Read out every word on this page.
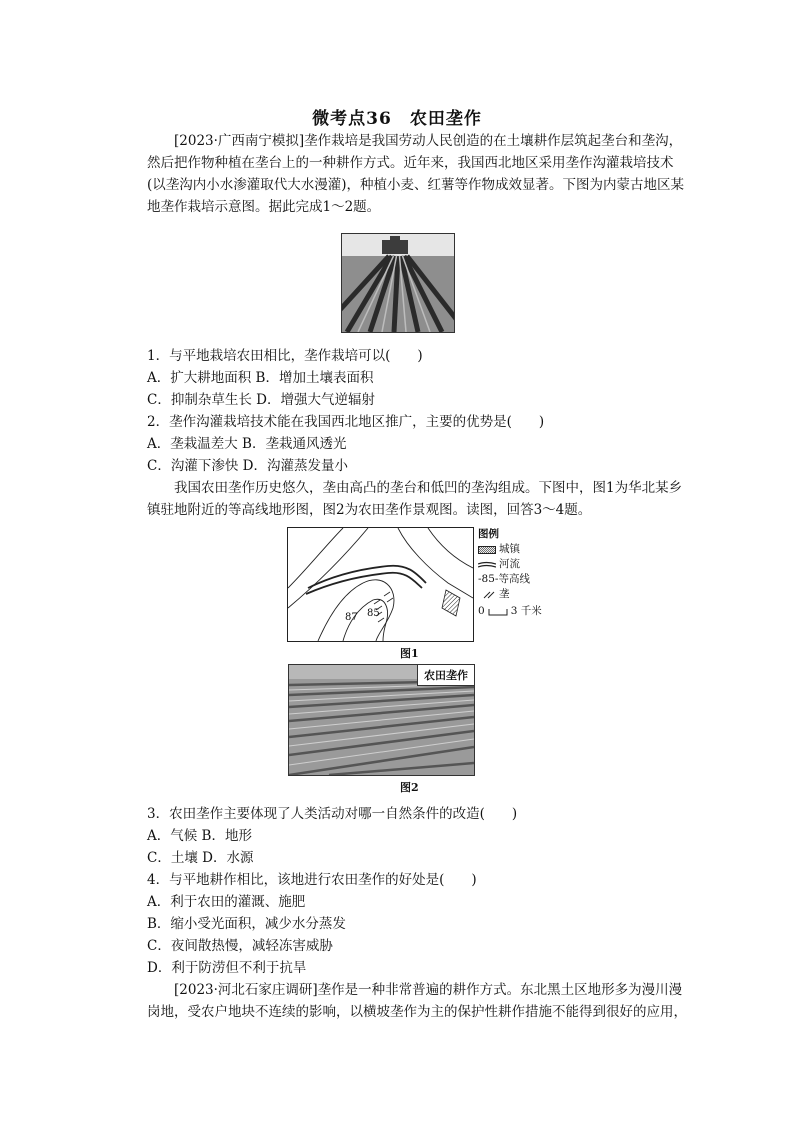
微考点36　农田垄作
[2023·广西南宁模拟]垄作栽培是我国劳动人民创造的在土壤耕作层筑起垄台和垄沟，然后把作物种植在垄台上的一种耕作方式。近年来，我国西北地区采用垄作沟灌栽培技术(以垄沟内小水渗灌取代大水漫灌)，种植小麦、红薯等作物成效显著。下图为内蒙古地区某地垄作栽培示意图。据此完成1～2题。
1．与平地栽培农田相比，垄作栽培可以(　　)
A．扩大耕地面积 B．增加土壤表面积
C．抑制杂草生长 D．增强大气逆辐射
2．垄作沟灌栽培技术能在我国西北地区推广，主要的优势是(　　)
A．垄栽温差大 B．垄栽通风透光
C．沟灌下渗快 D．沟灌蒸发量小
我国农田垄作历史悠久，垄由高凸的垄台和低凹的垄沟组成。下图中，图1为华北某乡镇驻地附近的等高线地形图，图2为农田垄作景观图。读图，回答3～4题。
87 85
图例
城镇
河流
-85-等高线
垄
0 3 千米
图1
农田垄作
图2
3．农田垄作主要体现了人类活动对哪一自然条件的改造(　　)
A．气候 B．地形
C．土壤 D．水源
4．与平地耕作相比，该地进行农田垄作的好处是(　　)
A．利于农田的灌溉、施肥
B．缩小受光面积，减少水分蒸发
C．夜间散热慢，减轻冻害威胁
D．利于防涝但不利于抗旱
[2023·河北石家庄调研]垄作是一种非常普遍的耕作方式。东北黑土区地形多为漫川漫岗地，受农户地块不连续的影响，以横坡垄作为主的保护性耕作措施不能得到很好的应用，
